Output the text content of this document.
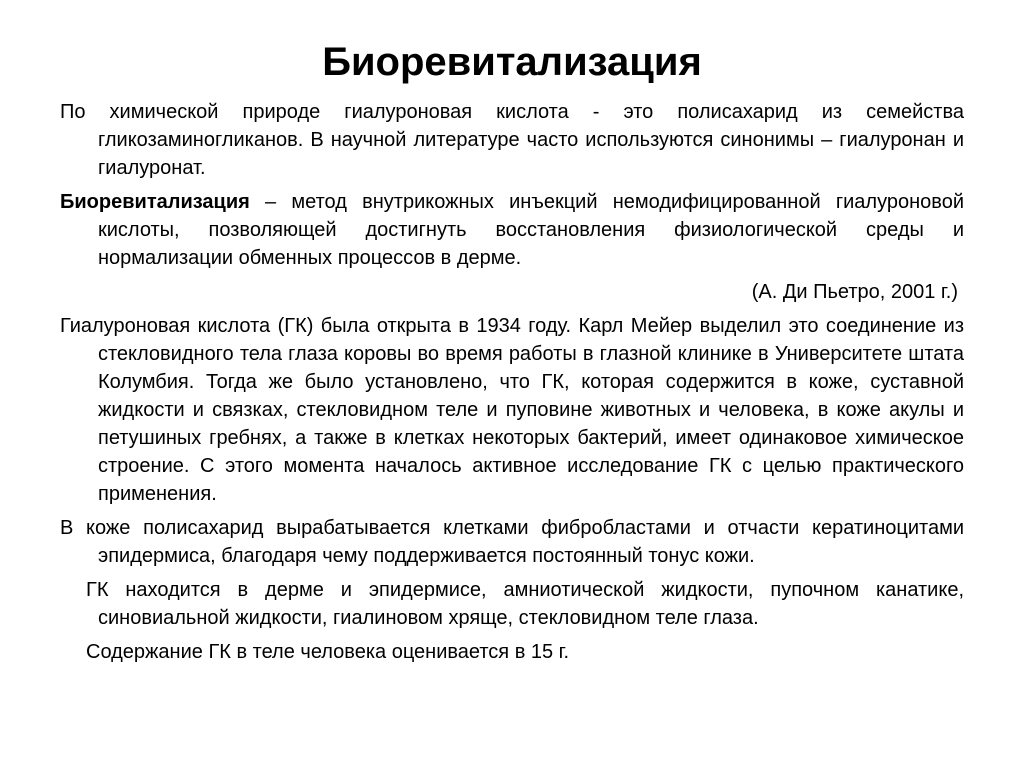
Биоревитализация

По химической природе гиалуроновая кислота - это полисахарид из семейства гликозаминогликанов. В научной литературе часто используются синонимы – гиалуронан и гиалуронат.

Биоревитализация – метод внутрикожных инъекций немодифицированной гиалуроновой кислоты, позволяющей достигнуть восстановления физиологической среды и нормализации обменных процессов в дерме.

(А. Ди Пьетро, 2001 г.)

Гиалуроновая кислота (ГК) была открыта в 1934 году. Карл Мейер выделил это соединение из стекловидного тела глаза коровы во время работы в глазной клинике в Университете штата Колумбия. Тогда же было установлено, что ГК, которая содержится в коже, суставной жидкости и связках, стекловидном теле и пуповине животных и человека, в коже акулы и петушиных гребнях, а также в клетках некоторых бактерий, имеет одинаковое химическое строение. С этого момента началось активное исследование ГК с целью практического применения.

В коже полисахарид вырабатывается клетками фибробластами и отчасти кератиноцитами эпидермиса, благодаря чему поддерживается постоянный тонус кожи.

ГК находится в дерме и эпидермисе, амниотической жидкости, пупочном канатике, синовиальной жидкости, гиалиновом хряще, стекловидном теле глаза.

Содержание ГК в теле человека оценивается в 15 г.
